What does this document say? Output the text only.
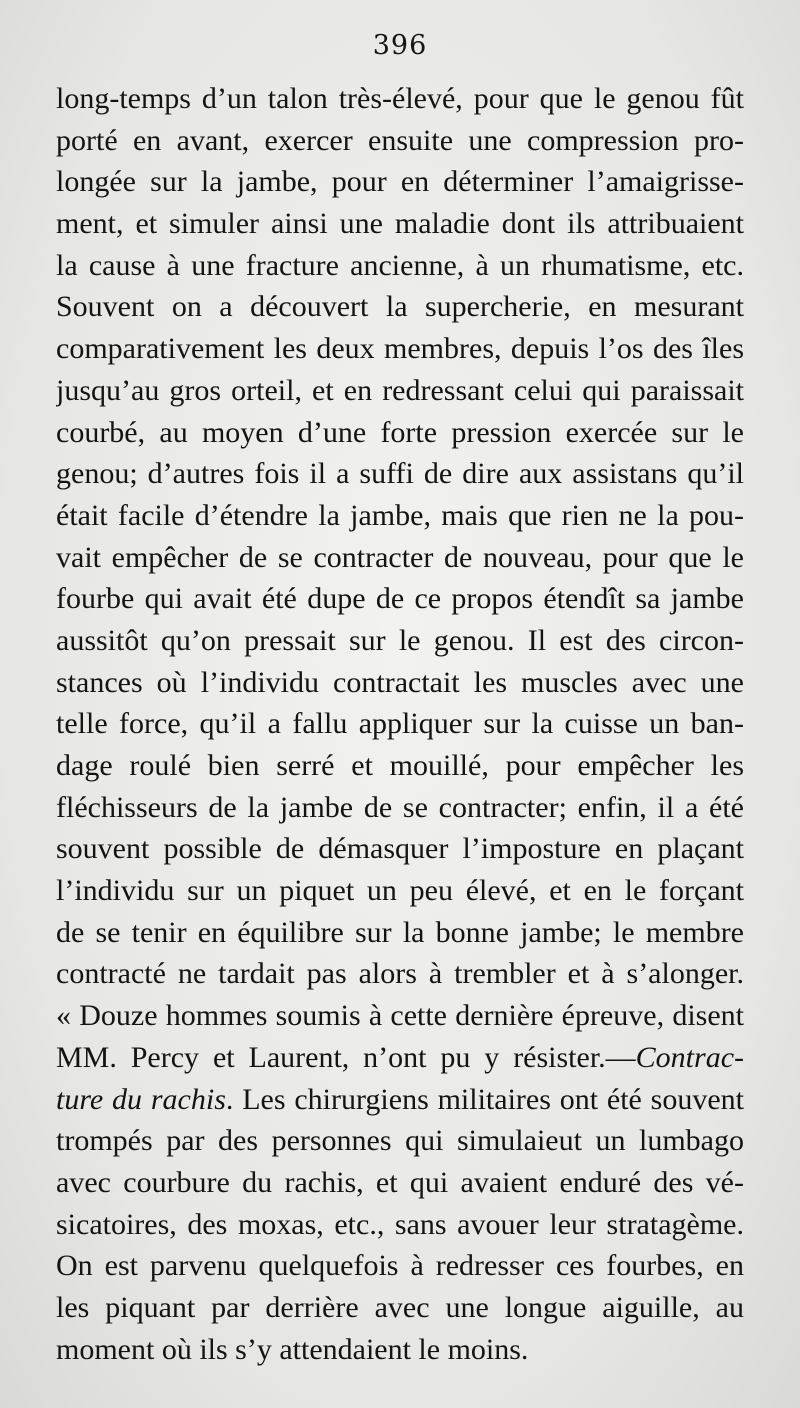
396
long-temps d’un talon très-élevé, pour que le genou fût
porté en avant, exercer ensuite une compression pro-
longée sur la jambe, pour en déterminer l’amaigrisse-
ment, et simuler ainsi une maladie dont ils attribuaient
la cause à une fracture ancienne, à un rhumatisme, etc.
Souvent on a découvert la supercherie, en mesurant
comparativement les deux membres, depuis l’os des îles
jusqu’au gros orteil, et en redressant celui qui paraissait
courbé, au moyen d’une forte pression exercée sur le
genou; d’autres fois il a suffi de dire aux assistans qu’il
était facile d’étendre la jambe, mais que rien ne la pou-
vait empêcher de se contracter de nouveau, pour que le
fourbe qui avait été dupe de ce propos étendît sa jambe
aussitôt qu’on pressait sur le genou. Il est des circon-
stances où l’individu contractait les muscles avec une
telle force, qu’il a fallu appliquer sur la cuisse un ban-
dage roulé bien serré et mouillé, pour empêcher les
fléchisseurs de la jambe de se contracter; enfin, il a été
souvent possible de démasquer l’imposture en plaçant
l’individu sur un piquet un peu élevé, et en le forçant
de se tenir en équilibre sur la bonne jambe; le membre
contracté ne tardait pas alors à trembler et à s’alonger.
« Douze hommes soumis à cette dernière épreuve, disent
MM. Percy et Laurent, n’ont pu y résister.—Contrac-
ture du rachis. Les chirurgiens militaires ont été souvent
trompés par des personnes qui simulaieut un lumbago
avec courbure du rachis, et qui avaient enduré des vé-
sicatoires, des moxas, etc., sans avouer leur stratagème.
On est parvenu quelquefois à redresser ces fourbes, en
les piquant par derrière avec une longue aiguille, au
moment où ils s’y attendaient le moins.
